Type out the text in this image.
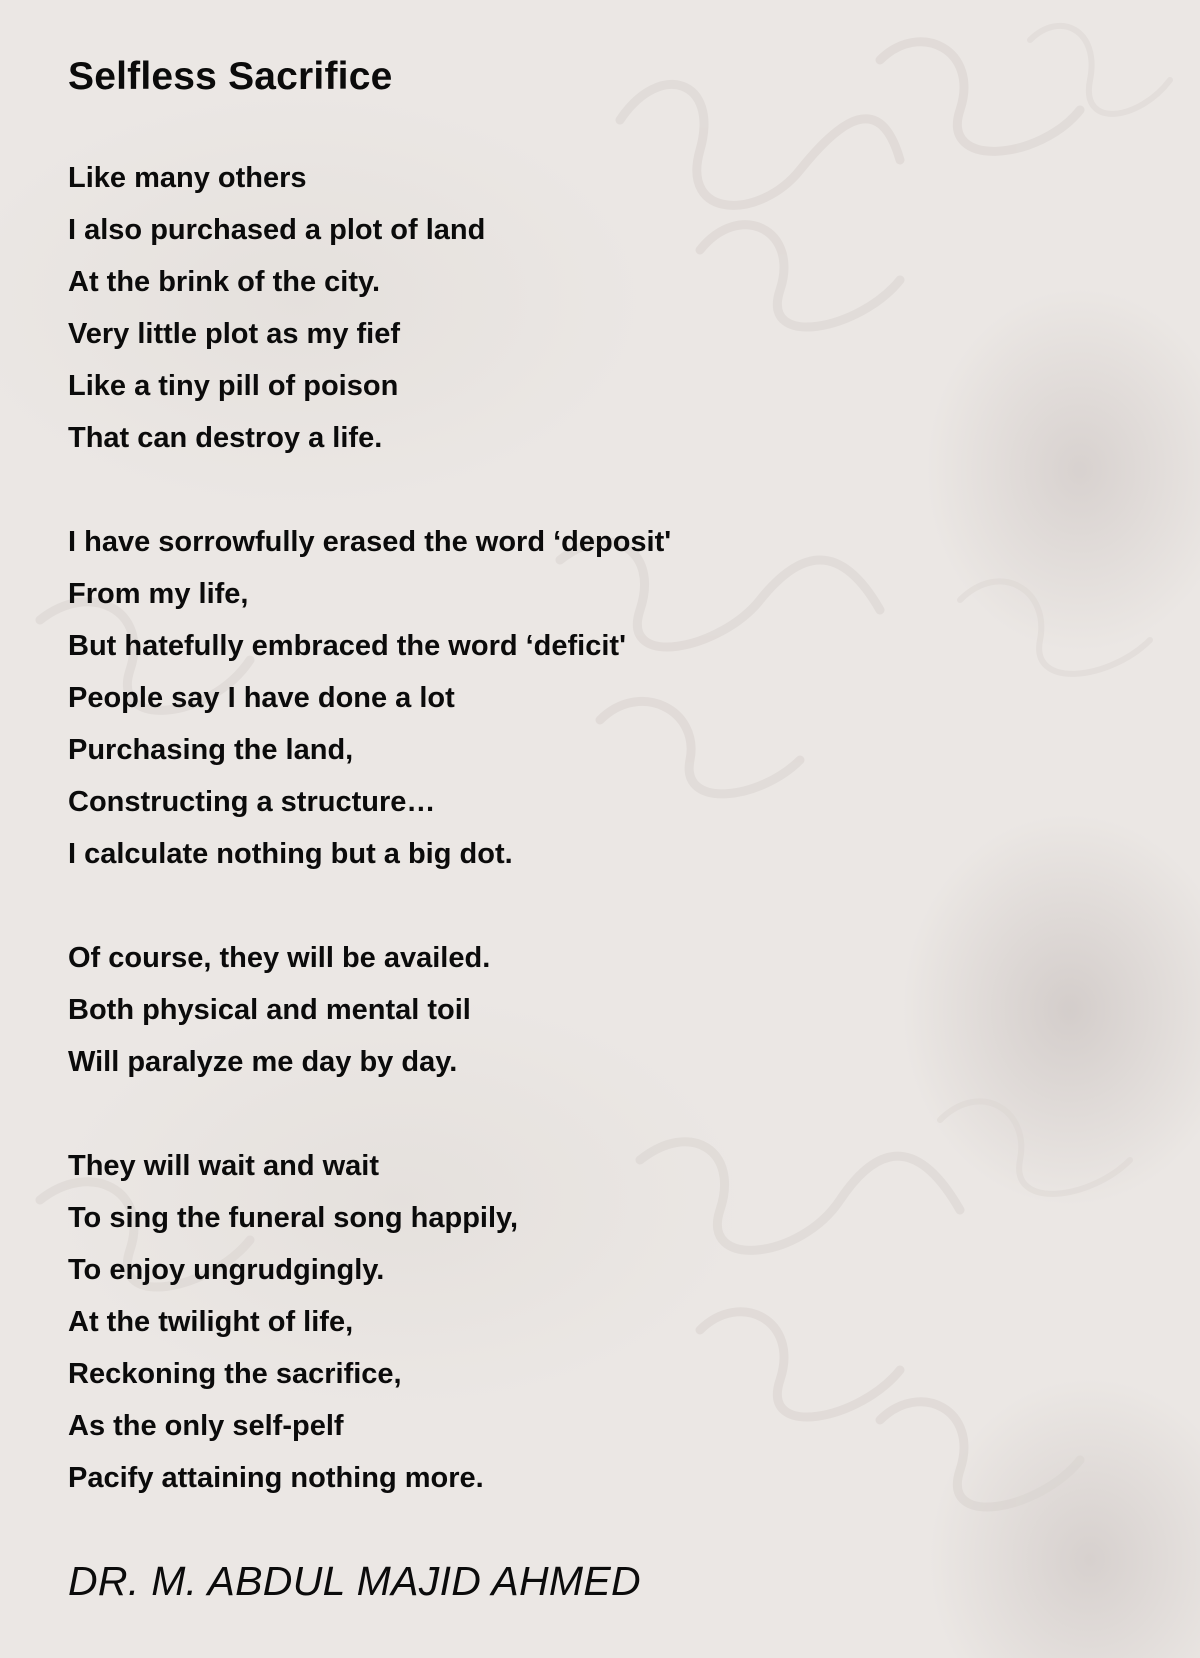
Selfless Sacrifice
Like many others
I also purchased a plot of land
At the brink of the city.
Very little plot as my fief
Like a tiny pill of poison
That can destroy a life.
I have sorrowfully erased the word ‘deposit'
From my life,
But hatefully embraced the word ‘deficit'
People say I have done a lot
Purchasing the land,
Constructing a structure…
I calculate nothing but a big dot.
Of course, they will be availed.
Both physical and mental toil
Will paralyze me day by day.
They will wait and wait
To sing the funeral song happily,
To enjoy ungrudgingly.
At the twilight of life,
Reckoning the sacrifice,
As the only self-pelf
Pacify attaining nothing more.
DR. M. ABDUL MAJID AHMED
